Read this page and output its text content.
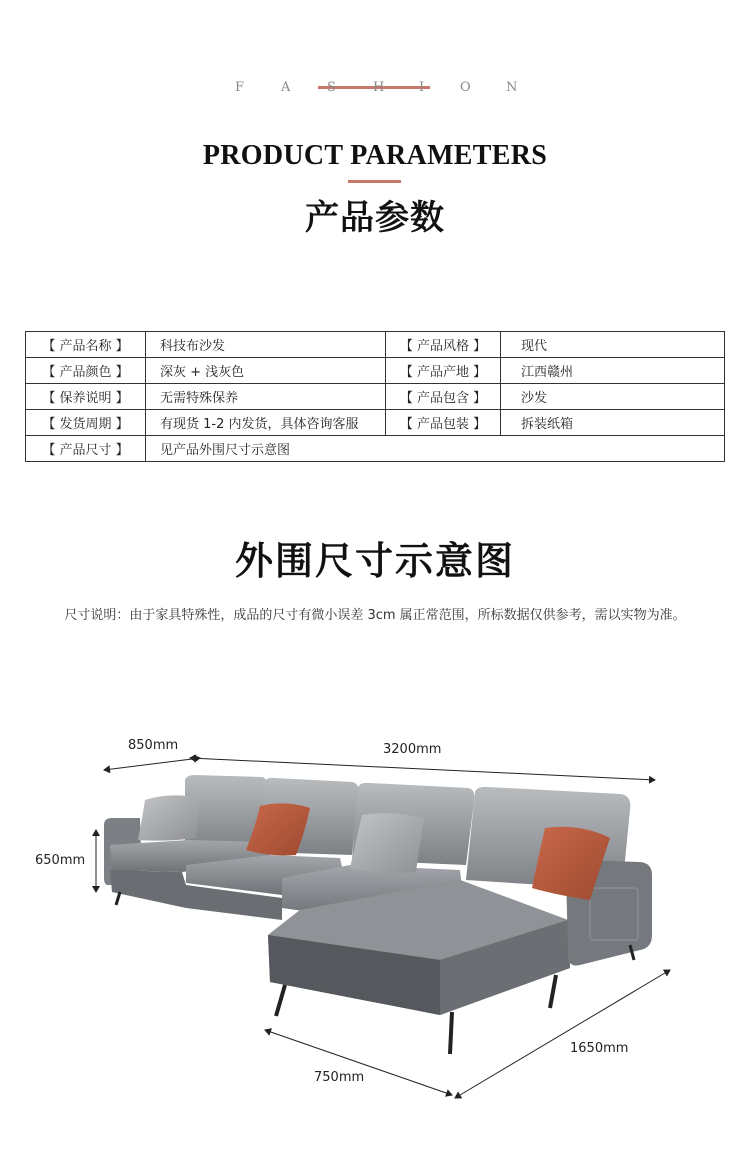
F	A	S	H	I	O	N
PRODUCT PARAMETERS
产品参数
【 产品名称 】	科技布沙发	【 产品风格 】	现代
【 产品颜色 】	深灰 + 浅灰色	【 产品产地 】	江西赣州
【 保养说明 】	无需特殊保养	【 产品包含 】	沙发
【 发货周期 】	有现货 1-2 内发货，具体咨询客服	【 产品包装 】	拆装纸箱
【 产品尺寸 】	见产品外围尺寸示意图		
外围尺寸示意图
尺寸说明：由于家具特殊性，成品的尺寸有微小误差 3cm 属正常范围，所标数据仅供参考，需以实物为准。
850mm	3200mm
650mm
750mm
1650mm
